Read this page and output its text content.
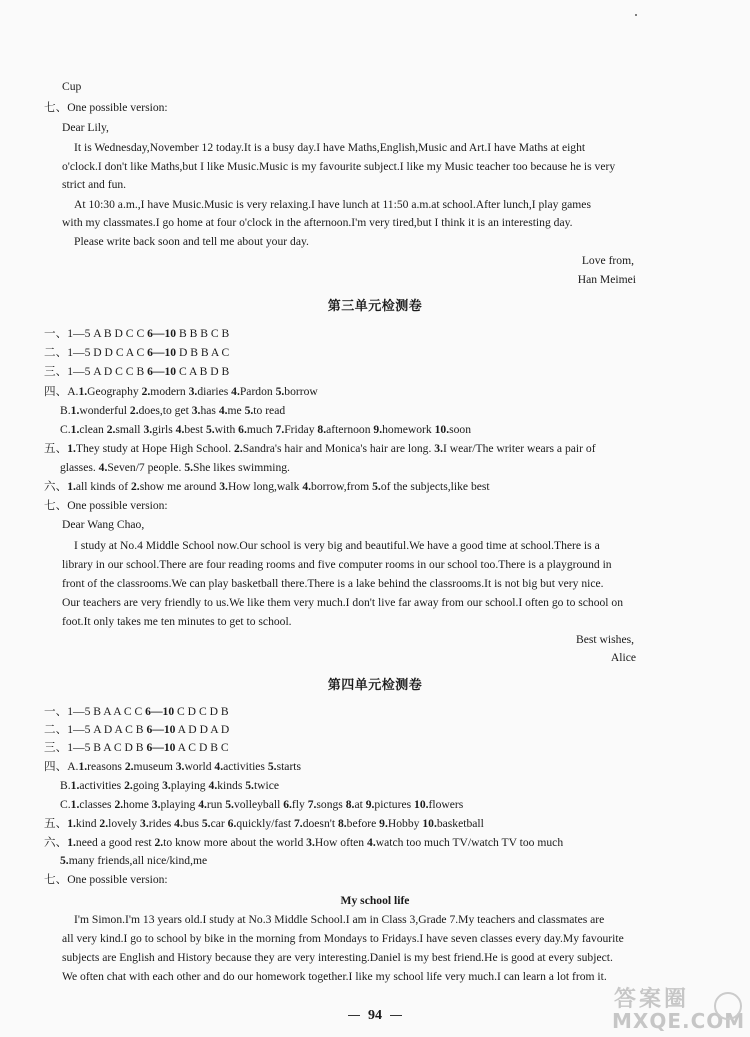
Cup
七、One possible version:
Dear Lily,
It is Wednesday,November 12 today.It is a busy day.I have Maths,English,Music and Art.I have Maths at eight
o'clock.I don't like Maths,but I like Music.Music is my favourite subject.I like my Music teacher too because he is very
strict and fun.
At 10:30 a.m.,I have Music.Music is very relaxing.I have lunch at 11:50 a.m.at school.After lunch,I play games
with my classmates.I go home at four o'clock in the afternoon.I'm very tired,but I think it is an interesting day.
Please write back soon and tell me about your day.
Love from,
Han Meimei
第三单元检测卷
一、1—5 A B D C C 6—10 B B B C B
二、1—5 D D C A C 6—10 D B B A C
三、1—5 A D C C B 6—10 C A B D B
四、A.1.Geography 2.modern 3.diaries 4.Pardon 5.borrow
B.1.wonderful 2.does,to get 3.has 4.me 5.to read
C.1.clean 2.small 3.girls 4.best 5.with 6.much 7.Friday 8.afternoon 9.homework 10.soon
五、1.They study at Hope High School. 2.Sandra's hair and Monica's hair are long. 3.I wear/The writer wears a pair of
glasses. 4.Seven/7 people. 5.She likes swimming.
六、1.all kinds of 2.show me around 3.How long,walk 4.borrow,from 5.of the subjects,like best
七、One possible version:
Dear Wang Chao,
I study at No.4 Middle School now.Our school is very big and beautiful.We have a good time at school.There is a
library in our school.There are four reading rooms and five computer rooms in our school too.There is a playground in
front of the classrooms.We can play basketball there.There is a lake behind the classrooms.It is not big but very nice.
Our teachers are very friendly to us.We like them very much.I don't live far away from our school.I often go to school on
foot.It only takes me ten minutes to get to school.
Best wishes,
Alice
第四单元检测卷
一、1—5 B A A C C 6—10 C D C D B
二、1—5 A D A C B 6—10 A D D A D
三、1—5 B A C D B 6—10 A C D B C
四、A.1.reasons 2.museum 3.world 4.activities 5.starts
B.1.activities 2.going 3.playing 4.kinds 5.twice
C.1.classes 2.home 3.playing 4.run 5.volleyball 6.fly 7.songs 8.at 9.pictures 10.flowers
五、1.kind 2.lovely 3.rides 4.bus 5.car 6.quickly/fast 7.doesn't 8.before 9.Hobby 10.basketball
六、1.need a good rest 2.to know more about the world 3.How often 4.watch too much TV/watch TV too much
5.many friends,all nice/kind,me
七、One possible version:
My school life
I'm Simon.I'm 13 years old.I study at No.3 Middle School.I am in Class 3,Grade 7.My teachers and classmates are
all very kind.I go to school by bike in the morning from Mondays to Fridays.I have seven classes every day.My favourite
subjects are English and History because they are very interesting.Daniel is my best friend.He is good at every subject.
We often chat with each other and do our homework together.I like my school life very much.I can learn a lot from it.
94
答案圈
MXQE.COM
